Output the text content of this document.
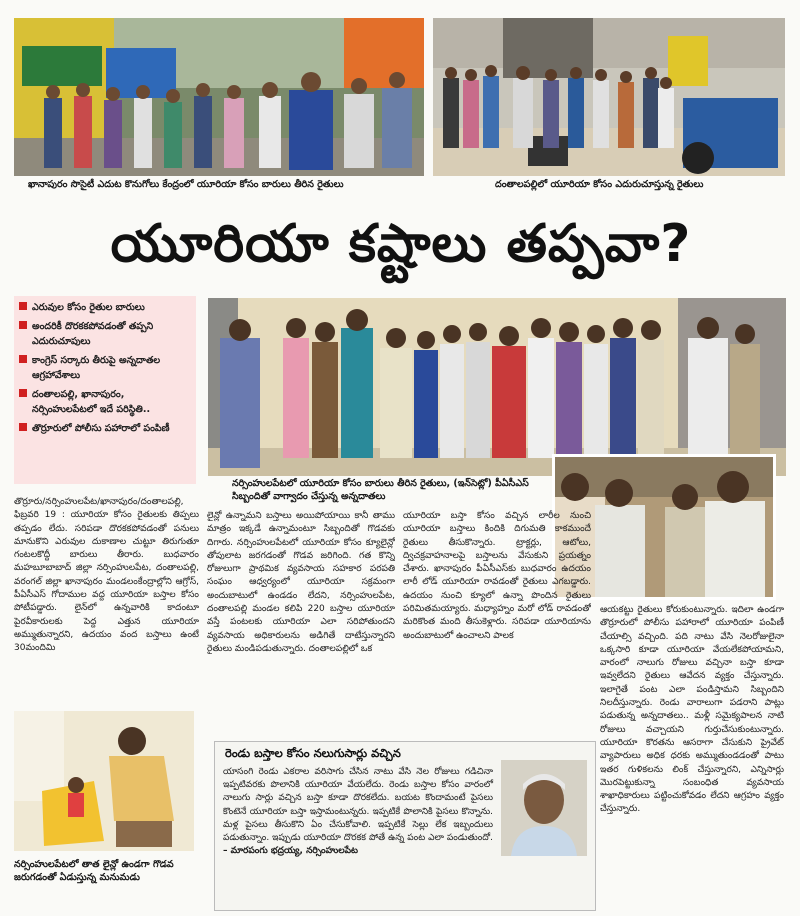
ఖానాపురం సొసైటీ ఎదుట కొనుగోలు కేంద్రంలో యూరియా కోసం బారులు తీరిన రైతులు	దంతాలపల్లిలో యూరియా కోసం ఎదురుచూస్తున్న రైతులు
యూరియా కష్టాలు తప్పవా?
ఎరువుల కోసం రైతుల బారులు
అందరికీ దొరకకపోవడంతో తప్పని ఎదురుచూపులు
కాంగ్రెస్ సర్కారు తీరుపై అన్నదాతల ఆగ్రహావేశాలు
దంతాలపల్లి, ఖానాపురం, నర్సింహులపేటలో ఇదే పరిస్థితి..
తొర్రూరులో పోలీసు పహారాలో పంపిణీ
నర్సింహులపేటలో యూరియా కోసం బారులు తీరిన రైతులు, (ఇన్‌సెట్లో) పీఏసీఎస్ సిబ్బందితో వాగ్వాదం చేస్తున్న అన్నదాతలు
తొర్రూరు/నర్సింహులపేట/ఖానాపురం/దంతాలపల్లి, ఫిబ్రవరి 19 : యూరియా కోసం రైతులకు తిప్పలు తప్పడం లేదు. సరిపడా దొరకకపోవడంతో పనులు మానుకొని ఎరువుల దుకాణాల చుట్టూ తిరుగుతూ గంటలకొద్దీ బారులు తీరారు. బుధవారం మహబూబాబాద్ జిల్లా నర్సింహులపేట, దంతాలపల్లి, వరంగల్ జిల్లా ఖానాపురం మండలంకేంద్రాల్లోని ఆగ్రోస్, పీఏసీఎస్ గోదాముల వద్ద యూరియా బస్తాల కోసం పోటీపడ్డారు. లైన్‌లో ఉన్నవారికి కాదంటూ పైరవీకారులకు పెద్ద ఎత్తున యూరియా అమ్ముతున్నారని, ఉదయం వంద బస్తాలు ఉంటే 30మందిమి
లైన్లో ఉన్నామని బస్తాలు అయిపోయాయి కానీ తాము మాత్రం ఇక్కడే ఉన్నామంటూ సిబ్బందితో గొడవకు దిగారు. నర్సింహులపేటలో యూరియా కోసం క్యూలైన్లో తోపులాట జరగడంతో గొడవ జరిగింది. గత కొన్ని రోజులుగా ప్రాథమిక వ్యవసాయ సహకార పరపతి సంఘం ఆధ్వర్యంలో యూరియా సక్రమంగా అందుబాటులో ఉండడం లేదని, నర్సింహులపేట, దంతాలపల్లి మండల కలిపి 220 బస్తాల యూరియా వస్తే పంటలకు యూరియా ఎలా సరిపోతుందని వ్యవసాయ అధికారులను అడిగితే దాటేస్తున్నారని రైతులు మండిపడుతున్నారు. దంతాలపల్లిలో ఒక
యూరియా బస్తా కోసం వచ్చిన లారీల నుంచి యూరియా బస్తాలు కిందికి దిగుమతి కాకముందే రైతులు తీసుకొన్నారు. ట్రాక్టర్లు, ఆటోలు, ద్విచక్రవాహనాలపై బస్తాలను వేసుకుని ప్రయత్నం చేశారు. ఖానాపురం పీఏసీఎస్‌కు బుధవారం ఉదయం లారీ లోడ్ యూరియా రావడంతో రైతులు ఎగబడ్డారు. ఉదయం నుంచి క్యూలో ఉన్నా పొందిన రైతులు పరిమితమయ్యారు. మధ్యాహ్నం మరో లోడ్ రావడంతో మరికొంత మంది తీసుకెళ్లారు. సరిపడా యూరియాను అందుబాటులో ఉంచాలని పాలక
ఆయకట్టు రైతులు కోరుకుంటున్నారు. ఇదిలా ఉండగా తొర్రూరులో పోలీసు పహారాలో యూరియా పంపిణీ చేయాల్సి వచ్చింది. పది నాటు వేసి నెలరోజులైనా ఒక్కసారి కూడా యూరియా వేయలేకపోయామని, వారంలో నాలుగు రోజులు వచ్చినా బస్తా కూడా ఇవ్వలేదని రైతులు ఆవేదన వ్యక్తం చేస్తున్నారు. ఇలాగైతే పంట ఎలా పండిస్తామని సిబ్బందిని నిలదీస్తున్నారు. రెండు వారాలుగా పడరాని పాట్లు పడుతున్న అన్నదాతలు.. మళ్లీ సమైక్యపాలన నాటి రోజులు వచ్చాయని గుర్తుచేసుకుంటున్నారు. యూరియా కొరతను ఆసరాగా చేసుకుని ప్రైవేట్ వ్యాపారులు అధిక ధరకు అమ్ముతుండడంతో పాటు ఇతర గుళికలను లింక్ చేస్తున్నారని, ఎన్నిసార్లు మొరపెట్టుకున్నా సంబంధిత వ్యవసాయ శాఖాధికారులు పట్టించుకోవడం లేదని ఆగ్రహం వ్యక్తం చేస్తున్నారు.
నర్సింహులపేటలో తాత లైన్లో ఉండగా గొడవ జరుగడంతో ఏడుస్తున్న మనుమడు
రెండు బస్తాల కోసం నలుగుసార్లు వచ్చిన
యాసంగి రెండు ఎకరాల వరిసాగు చేసిన నాటు వేసి నెల రోజులు గడిచినా ఇప్పటివరకు పొలానికి యూరియా వేయలేదు. రెండు బస్తాల కోసం వారంలో నాలుగు సార్లు వచ్చిన బస్తా కూడా దొరకలేదు. బయట కొందామంటే పైసలు కొంటెనే యూరియా బస్తా ఇస్తామంటున్నరు. ఇప్పటికే పొలానికి పైసలు కొన్నాను. మళ్ల పైసలు తీసుకొని ఏం చేసుకోవాలి. ఇప్పటికే సెల్లు లేక ఇబ్బందులు పడుతున్నాం. ఇప్పుడు యూరియా దొరకక పోతే ఉన్న పంట ఎలా పండుతుందో. – మారపంగు భద్రయ్య, నర్సింహులపేట
